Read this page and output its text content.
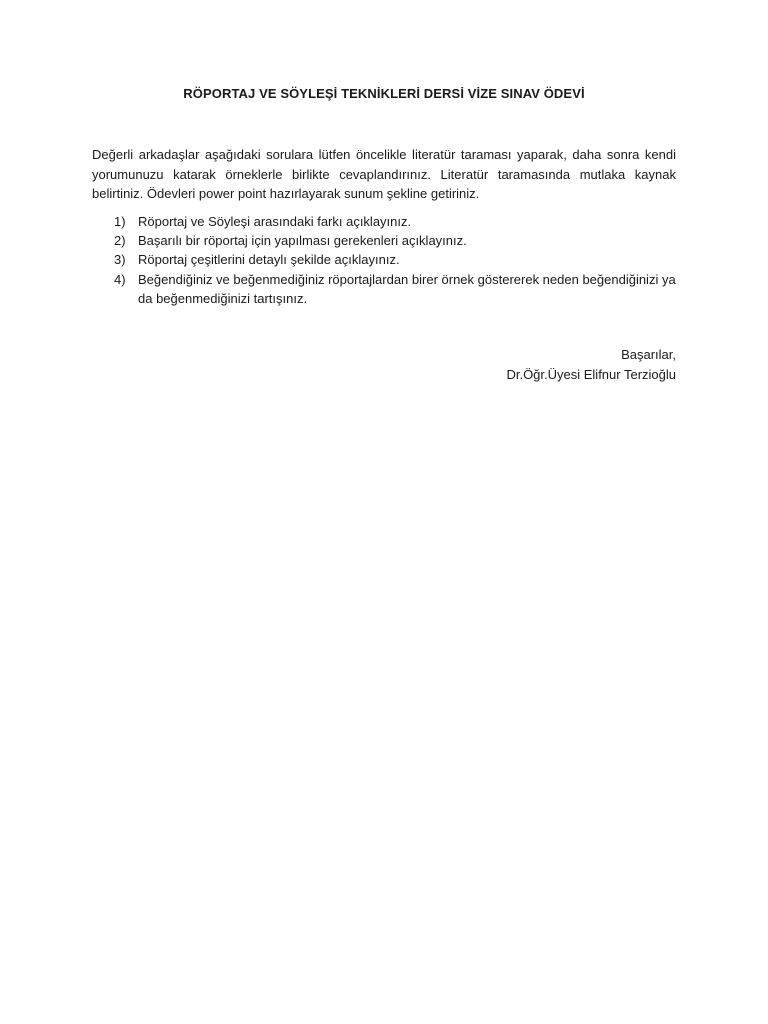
RÖPORTAJ VE SÖYLEŞİ TEKNİKLERİ DERSİ VİZE SINAV ÖDEVİ

Değerli arkadaşlar aşağıdaki sorulara lütfen öncelikle literatür taraması yaparak, daha sonra kendi yorumunuzu katarak örneklerle birlikte cevaplandırınız. Literatür taramasında mutlaka kaynak belirtiniz. Ödevleri power point hazırlayarak sunum şekline getiriniz.

1) Röportaj ve Söyleşi arasındaki farkı açıklayınız.
2) Başarılı bir röportaj için yapılması gerekenleri açıklayınız.
3) Röportaj çeşitlerini detaylı şekilde açıklayınız.
4) Beğendiğiniz ve beğenmediğiniz röportajlardan birer örnek göstererek neden beğendiğinizi ya da beğenmediğinizi tartışınız.

Başarılar,
Dr.Öğr.Üyesi Elifnur Terzioğlu
